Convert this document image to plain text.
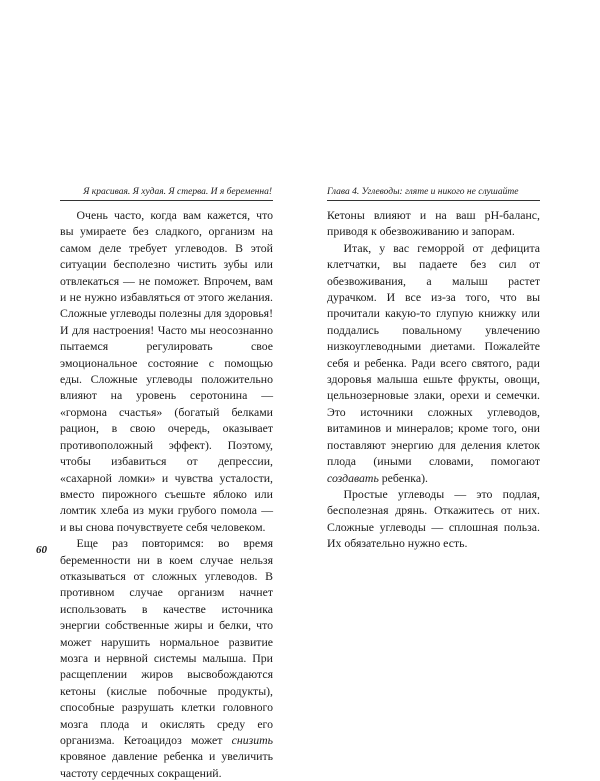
Я красивая. Я худая. Я стерва. И я беременна!

Очень часто, когда вам кажется, что вы умираете без сладкого, организм на самом деле требует углеводов. В этой ситуации бесполезно чистить зубы или отвлекаться — не поможет. Впрочем, вам и не нужно избавляться от этого желания. Сложные углеводы полезны для здоровья! И для настроения! Часто мы неосознанно пытаемся регулировать свое эмоциональное состояние с помощью еды. Сложные углеводы положительно влияют на уровень серотонина — «гормона счастья» (богатый белками рацион, в свою очередь, оказывает противоположный эффект). Поэтому, чтобы избавиться от депрессии, «сахарной ломки» и чувства усталости, вместо пирожного съешьте яблоко или ломтик хлеба из муки грубого помола — и вы снова почувствуете себя человеком.

Еще раз повторимся: во время беременности ни в коем случае нельзя отказываться от сложных углеводов. В противном случае организм начнет использовать в качестве источника энергии собственные жиры и белки, что может нарушить нормальное развитие мозга и нервной системы малыша. При расщеплении жиров высвобождаются кетоны (кислые побочные продукты), способные разрушать клетки головного мозга плода и окислять среду его организма. Кетоацидоз может снизить кровяное давление ребенка и увеличить частоту сердечных сокращений.

60
Глава 4. Углеводы: гляте и никого не слушайте

Кетоны влияют и на ваш pH-баланс, приводя к обезвоживанию и запорам.

Итак, у вас геморрой от дефицита клетчатки, вы падаете без сил от обезвоживания, а малыш растет дурачком. И все из-за того, что вы прочитали какую-то глупую книжку или поддались повальному увлечению низкоуглеводными диетами. Пожалейте себя и ребенка. Ради всего святого, ради здоровья малыша ешьте фрукты, овощи, цельнозерновые злаки, орехи и семечки. Это источники сложных углеводов, витаминов и минералов; кроме того, они поставляют энергию для деления клеток плода (иными словами, помогают создавать ребенка).

Простые углеводы — это подлая, бесполезная дрянь. Откажитесь от них. Сложные углеводы — сплошная польза. Их обязательно нужно есть.
